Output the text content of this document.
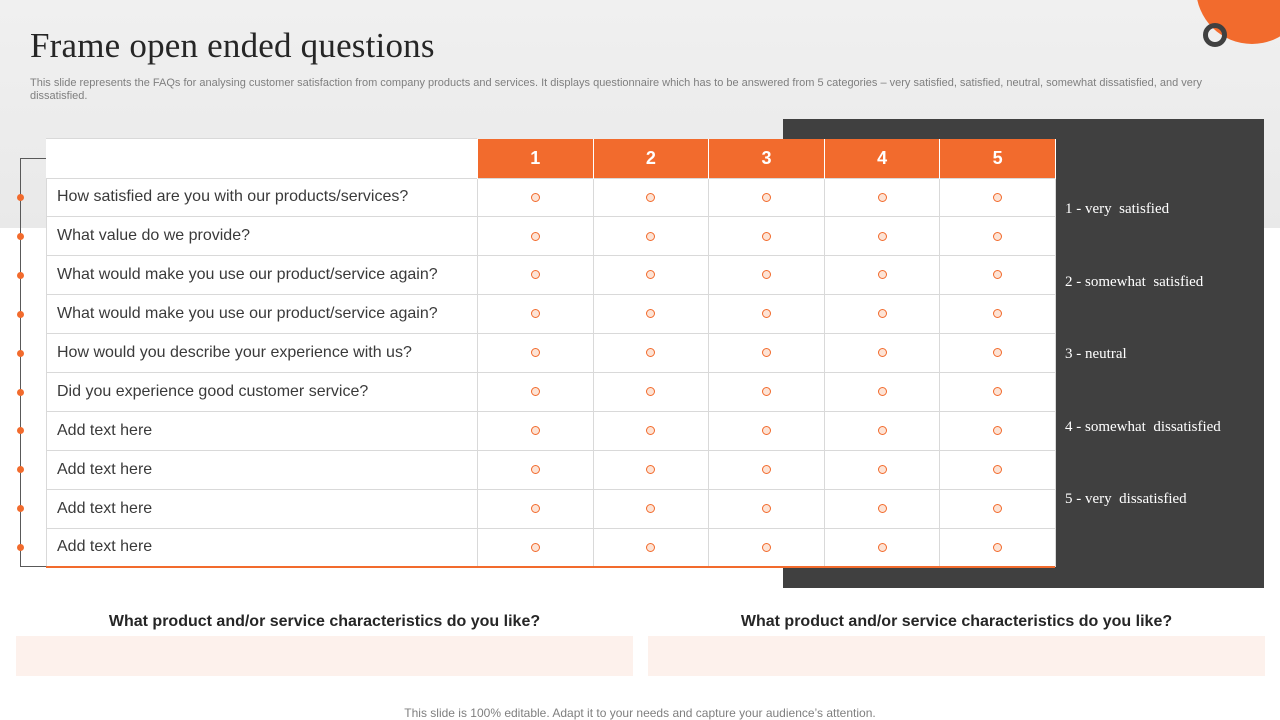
Frame open ended questions

This slide represents the FAQs for analysing customer satisfaction from company products and services. It displays questionnaire which has to be answered from 5 categories – very satisfied, satisfied, neutral, somewhat dissatisfied, and very dissatisfied.

1 - very  satisfied
2 - somewhat  satisfied
3 - neutral
4 - somewhat  dissatisfied
5 - very  dissatisfied
	1	2	3	4	5
How satisfied are you with our products/services?					
What value do we provide?					
What would make you use our product/service again?					
What would make you use our product/service again?					
How would you describe your experience with us?					
Did you experience good customer service?					
Add text here					
Add text here					
Add text here					
Add text here					

What product and/or service characteristics do you like?	What product and/or service characteristics do you like?

This slide is 100% editable. Adapt it to your needs and capture your audience’s attention.
